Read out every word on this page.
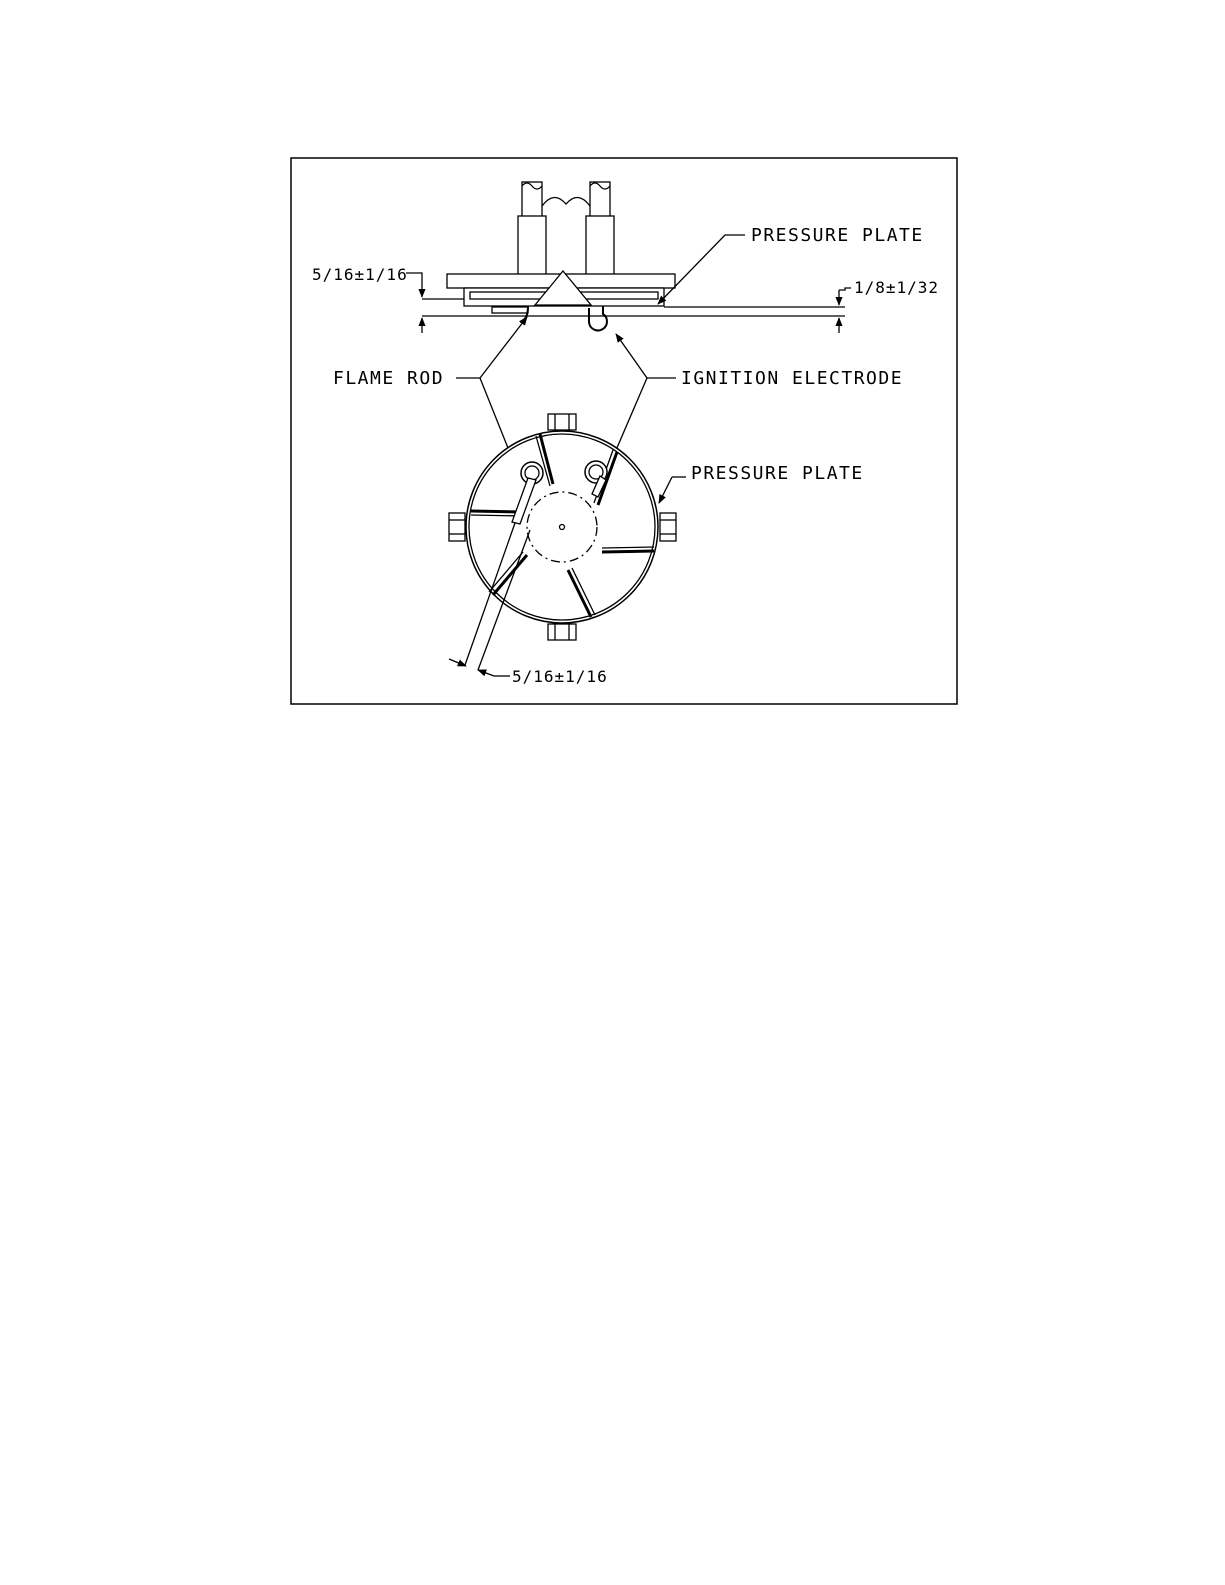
5/16±1/16
1/8±1/32
PRESSURE PLATE
FLAME ROD	IGNITION ELECTRODE
PRESSURE PLATE
5/16±1/16
